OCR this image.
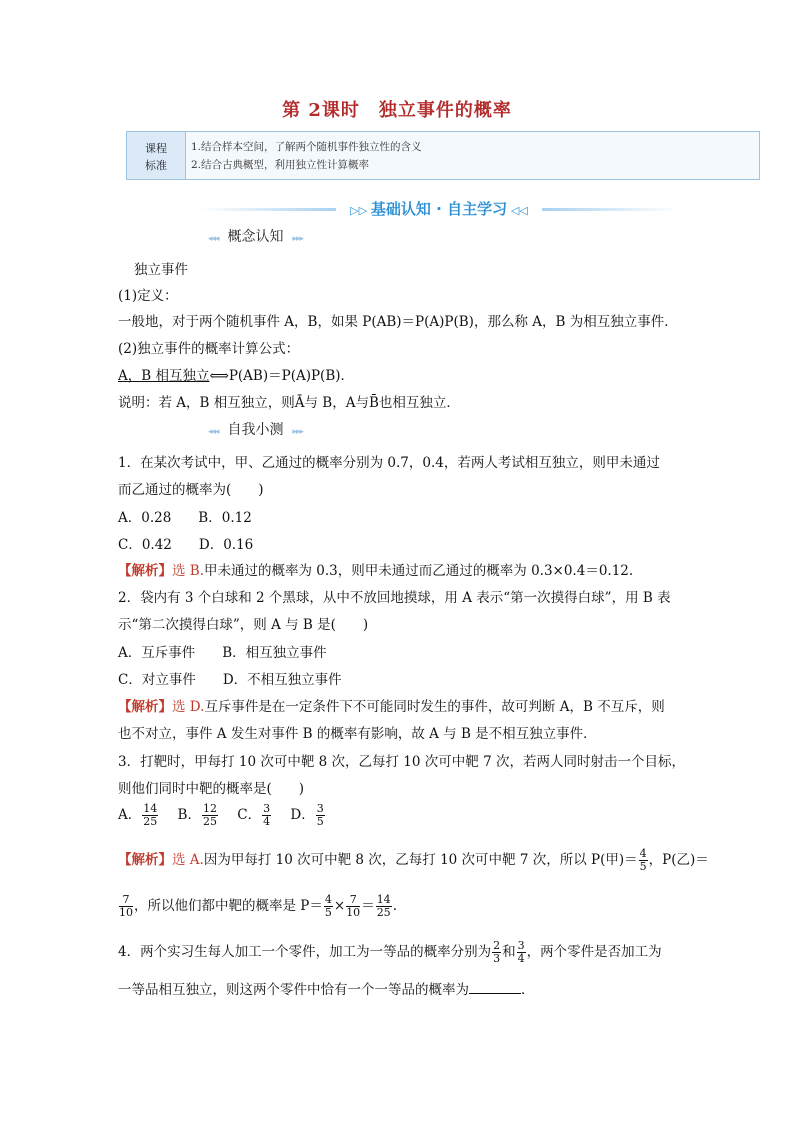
第 2课时　独立事件的概率
课程
标准
1.结合样本空间，了解两个随机事件独立性的含义
2.结合古典概型，利用独立性计算概率
▷▷ 基础认知 · 自主学习 ◁◁
◂◂◂ 概念认知 ▸▸▸
独立事件
(1)定义：
一般地，对于两个随机事件 A，B，如果 P(AB)＝P(A)P(B)，那么称 A，B 为相互独立事件．
(2)独立事件的概率计算公式：
A，B 相互独立⟺P(AB)＝P(A)P(B)．
说明：若 A，B 相互独立，则Ā与 B，A与B̄也相互独立．
◂◂◂ 自我小测 ▸▸▸
1．在某次考试中，甲、乙通过的概率分别为 0.7，0.4，若两人考试相互独立，则甲未通过
而乙通过的概率为(　　)
A．0.28　　B．0.12
C．0.42　　D．0.16
【解析】选 B.甲未通过的概率为 0.3，则甲未通过而乙通过的概率为 0.3×0.4＝0.12.
2．袋内有 3 个白球和 2 个黑球，从中不放回地摸球，用 A 表示“第一次摸得白球”，用 B 表
示“第二次摸得白球”，则 A 与 B 是(　　)
A．互斥事件　　B．相互独立事件
C．对立事件　　D．不相互独立事件
【解析】选 D.互斥事件是在一定条件下不可能同时发生的事件，故可判断 A，B 不互斥，则
也不对立，事件 A 发生对事件 B 的概率有影响，故 A 与 B 是不相互独立事件．
3．打靶时，甲每打 10 次可中靶 8 次，乙每打 10 次可中靶 7 次，若两人同时射击一个目标，
则他们同时中靶的概率是(　　)
A． $\frac{14}{25}$ B． $\frac{12}{25}$ C． $\frac{3}{4}$ D． $\frac{3}{5}$
【解析】选 A.因为甲每打 10 次可中靶 8 次，乙每打 10 次可中靶 7 次，所以 P(甲)＝ $\frac{4}{5}$ ，P(乙)＝
$\frac{7}{10}$ ，所以他们都中靶的概率是 $P= \frac{4}{5} \times \frac{7}{10} = \frac{14}{25}$ .
4．两个实习生每人加工一个零件，加工为一等品的概率分别为 $\frac{2}{3}$ 和 $\frac{3}{4}$ ，两个零件是否加工为
一等品相互独立，则这两个零件中恰有一个一等品的概率为	．
